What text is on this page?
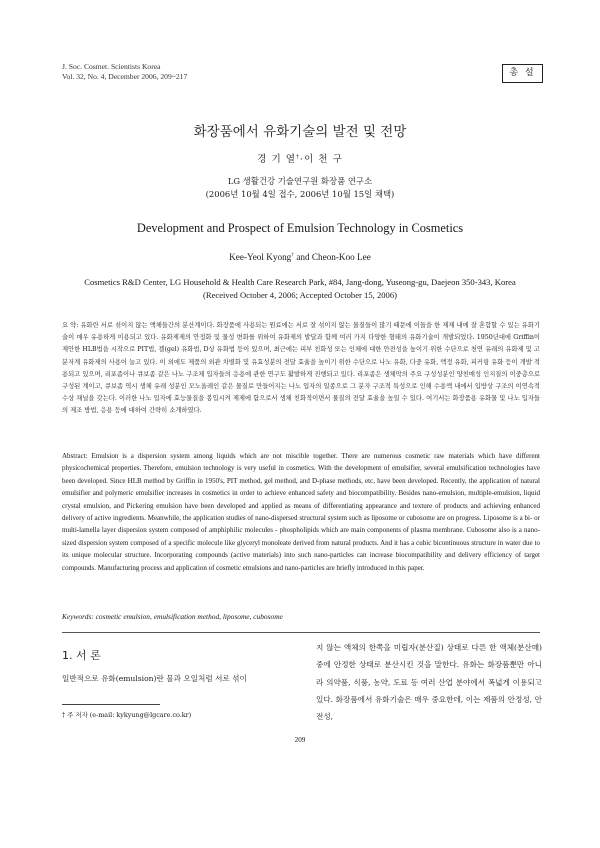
J. Soc. Cosmet. Scientists Korea
Vol. 32, No. 4, December 2006, 209~217	총 설
화장품에서 유화기술의 발전 및 전망
경 기 열†·이 천 구
LG 생활건강 기술연구원 화장품 연구소
(2006년 10월 4일 접수, 2006년 10월 15일 채택)
Development and Prospect of Emulsion Technology in Cosmetics
Kee-Yeol Kyong† and Cheon-Koo Lee
Cosmetics R&D Center, LG Household & Health Care Research Park, #84, Jang-dong, Yuseong-gu, Daejeon 350-343, Korea
(Received October 4, 2006; Accepted October 15, 2006)
요 약: 유화란 서로 섞이지 않는 액체들간의 분산계이다. 화장품에 사용되는 원료에는 서로 잘 섞이지 않는 물질들이 많기 때문에 이들을 한 제제 내에 잘 혼합할 수 있는 유화기술이 매우 유용하게 이용되고 있다. 유화제제의 안정화 및 물성 변화를 위하여 유화제의 발달과 함께 여러 가지 다양한 형태의 유화기술이 개발되었다. 1950년대에 Griffin이 제안한 HLB법을 시작으로 PIT법, 겔(gel) 유화법, D상 유화법 등이 있으며, 최근에는 피부 친화성 또는 인체에 대한 안전성을 높이기 위한 수단으로 천연 유래의 유화제 및 고분자계 유화제의 사용이 늘고 있다. 이 외에도 제품의 외관 차별화 및 유효성분의 전달 효율을 높이기 위한 수단으로 나노 유화, 다중 유화, 액정 유화, 피커링 유화 등이 개발 적용되고 있으며, 리포좀이나 큐보좀 같은 나노 구조체 입자들의 응용에 관한 연구도 활발하게 진행되고 있다. 리포좀은 생체막의 주요 구성성분인 양친매성 인지질의 이중층으로 구성된 계이고, 큐보좀 역시 생체 유래 성분인 모노올레인 같은 물질로 만들어지는 나노 입자의 일종으로 그 분자 구조적 특성으로 인해 수용액 내에서 입방상 구조의 이연속적 수상 채널을 갖는다. 이러한 나노 입자에 효능물질을 봉입시켜 제제에 함으로서 생체 친화적이면서 물질의 전달 효율을 높일 수 있다. 여기서는 화장품용 유화물 및 나노 입자들의 제조 방법, 응용 등에 대하여 간략히 소개하였다.
Abstract: Emulsion is a dispersion system among liquids which are not miscible together. There are numerous cosmetic raw materials which have different physicochemical properties. Therefore, emulsion technology is very useful in cosmetics. With the development of emulsifier, several emulsification technologies have been developed. Since HLB method by Griffin in 1950's, PIT method, gel method, and D-phase methods, etc, have been developed. Recently, the application of natural emulsifier and polymeric emulsifier increases in cosmetics in order to achieve enhanced safety and biocompatibility. Besides nano-emulsion, multiple-emulsion, liquid crystal emulsion, and Pickering emulsion have been developed and applied as means of differentiating appearance and texture of products and achieving enhanced delivery of active ingredients. Meanwhile, the application studies of nano-dispersed structural system such as liposome or cubosome are on progress. Liposome is a bi- or multi-lamella layer dispersion system composed of amphiphilic molecules - phospholipids which are main components of plasma membrane. Cubosome also is a nano-sized dispersion system composed of a specific molecule like glyceryl monoleate derived from natural products. And it has a cubic bicontinuous structure in water due to its unique molecular structure. Incorporating compounds (active materials) into such nano-particles can increase biocompatibility and delivery efficiency of target compounds. Manufacturing process and application of cosmetic emulsions and nano-particles are briefly introduced in this paper.
Keywords: cosmetic emulsion, emulsification method, liposome, cubosome
1. 서 론
일반적으로 유화(emulsion)란 물과 오일처럼 서로 섞이
지 않는 액체의 한쪽을 미립자(분산질) 상태로 다른 한 액체(분산매) 중에 안정한 상태로 분산시킨 것을 말한다. 유화는 화장품뿐만 아니라 의약품, 식품, 농약, 도료 등 여러 산업 분야에서 폭넓게 이용되고 있다. 화장품에서 유화기술은 매우 중요한데, 이는 제품의 안정성, 안전성,
† 주 저자 (e-mail: kykyung@lgcare.co.kr)
209
